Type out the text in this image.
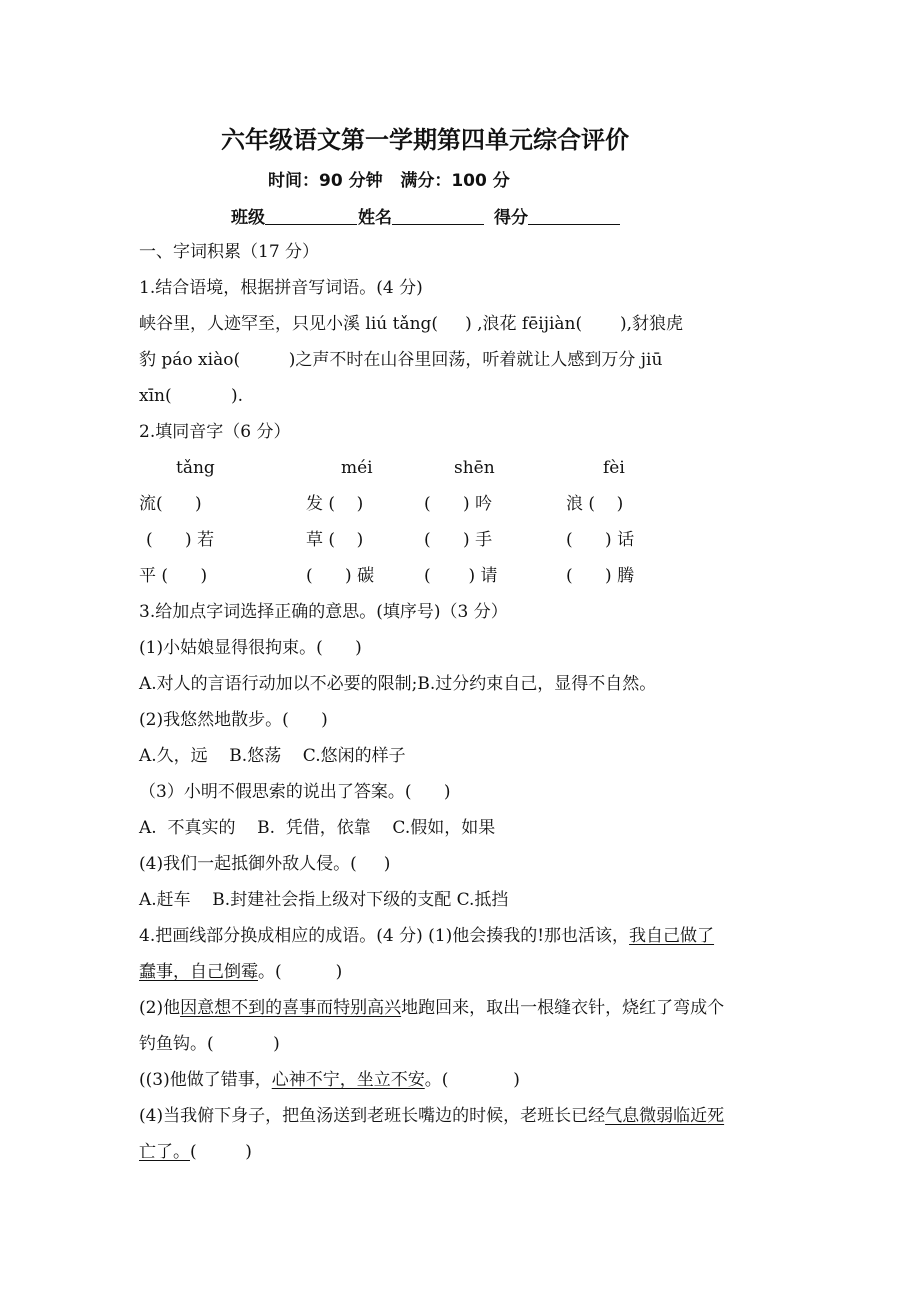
六年级语文第一学期第四单元综合评价
时间：90 分钟 满分：100 分
班级	姓名	得分
一、字词积累（17 分）
1.结合语境，根据拼音写词语。(4 分)
峡谷里，人迹罕至，只见小溪 liú tǎng(     ) ,浪花 fēijiàn(       ),豺狼虎
豹 páo xiào(         )之声不时在山谷里回荡，听着就让人感到万分 jiū
xīn(           ).
2.填同音字（6 分）
tǎng	méi	shēn	fèi
流(      )	发 (    )	(      ) 吟	浪 (    )
(      ) 若	草 (    )	(      ) 手	(      ) 话
平 (      )	(      ) 碳	(       ) 请	(      ) 腾
3.给加点字词选择正确的意思。(填序号)（3 分）
(1)小姑娘显得很拘束。(      )
A.对人的言语行动加以不必要的限制;B.过分约束自己，显得不自然。
(2)我悠然地散步。(      )
A.久，远    B.悠荡    C.悠闲的样子
（3）小明不假思索的说出了答案。(      )
A.  不真实的    B.  凭借，依靠    C.假如，如果
(4)我们一起抵御外敌人侵。(     )
A.赶车    B.封建社会指上级对下级的支配 C.抵挡
4.把画线部分换成相应的成语。(4 分) (1)他会揍我的!那也活该，我自己做了
蠢事，自己倒霉。(          )
(2)他因意想不到的喜事而特别高兴地跑回来，取出一根缝衣针，烧红了弯成个
钓鱼钩。(           )
((3)他做了错事，心神不宁，坐立不安。(            )
(4)当我俯下身子，把鱼汤送到老班长嘴边的时候，老班长已经气息微弱临近死
亡了。(         )
